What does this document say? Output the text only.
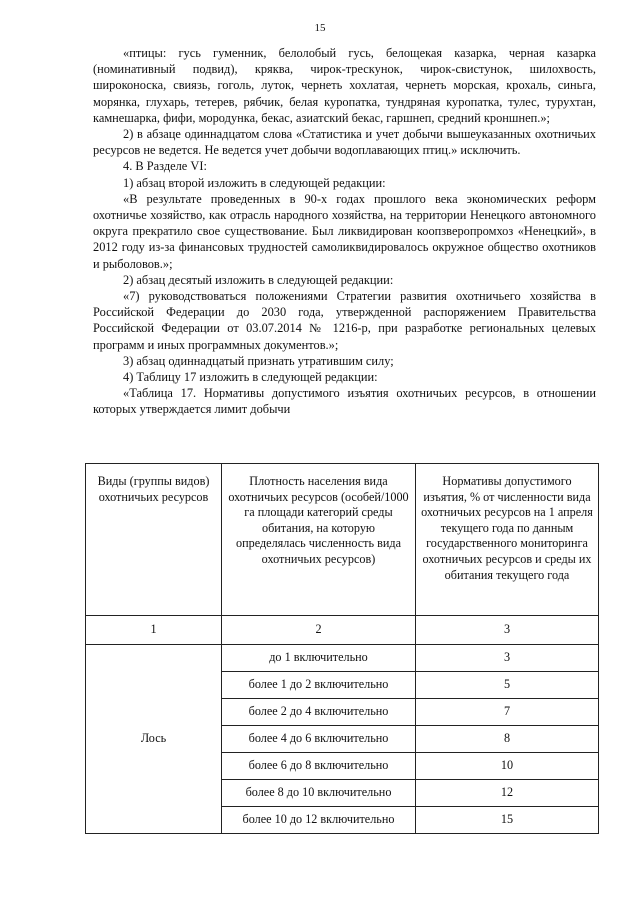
15

«птицы: гусь гуменник, белолобый гусь, белощекая казарка, черная казарка (номинативный подвид), кряква, чирок-трескунок, чирок-свистунок, шилохвость, широконоска, свиязь, гоголь, луток, чернеть хохлатая, чернеть морская, крохаль, синьга, морянка, глухарь, тетерев, рябчик, белая куропатка, тундряная куропатка, тулес, турухтан, камнешарка, фифи, мородунка, бекас, азиатский бекас, гаршнеп, средний кроншнеп.»;

2) в абзаце одиннадцатом слова «Статистика и учет добычи вышеуказанных охотничьих ресурсов не ведется. Не ведется учет добычи водоплавающих птиц.» исключить.

4. В Разделе VI:

1) абзац второй изложить в следующей редакции:

«В результате проведенных в 90-х годах прошлого века экономических реформ охотничье хозяйство, как отрасль народного хозяйства, на территории Ненецкого автономного округа прекратило свое существование. Был ликвидирован коопзверопромхоз «Ненецкий», в 2012 году из-за финансовых трудностей самоликвидировалось окружное общество охотников и рыболовов.»;

2) абзац десятый изложить в следующей редакции:

«7) руководствоваться положениями Стратегии развития охотничьего хозяйства в Российской Федерации до 2030 года, утвержденной распоряжением Правительства Российской Федерации от 03.07.2014 № 1216-р, при разработке региональных целевых программ и иных программных документов.»;

3) абзац одиннадцатый признать утратившим силу;

4) Таблицу 17 изложить в следующей редакции:

«Таблица 17. Нормативы допустимого изъятия охотничьих ресурсов, в отношении которых утверждается лимит добычи

Виды (группы видов) охотничьих ресурсов	Плотность населения вида охотничьих ресурсов (особей/1000 га площади категорий среды обитания, на которую определялась численность вида охотничьих ресурсов)	Нормативы допустимого изъятия, % от численности вида охотничьих ресурсов на 1 апреля текущего года по данным государственного мониторинга охотничьих ресурсов и среды их обитания текущего года
1	2	3
Лось	до 1 включительно	3
	более 1 до 2 включительно	5
	более 2 до 4 включительно	7
	более 4 до 6 включительно	8
	более 6 до 8 включительно	10
	более 8 до 10 включительно	12
	более 10 до 12 включительно	15
